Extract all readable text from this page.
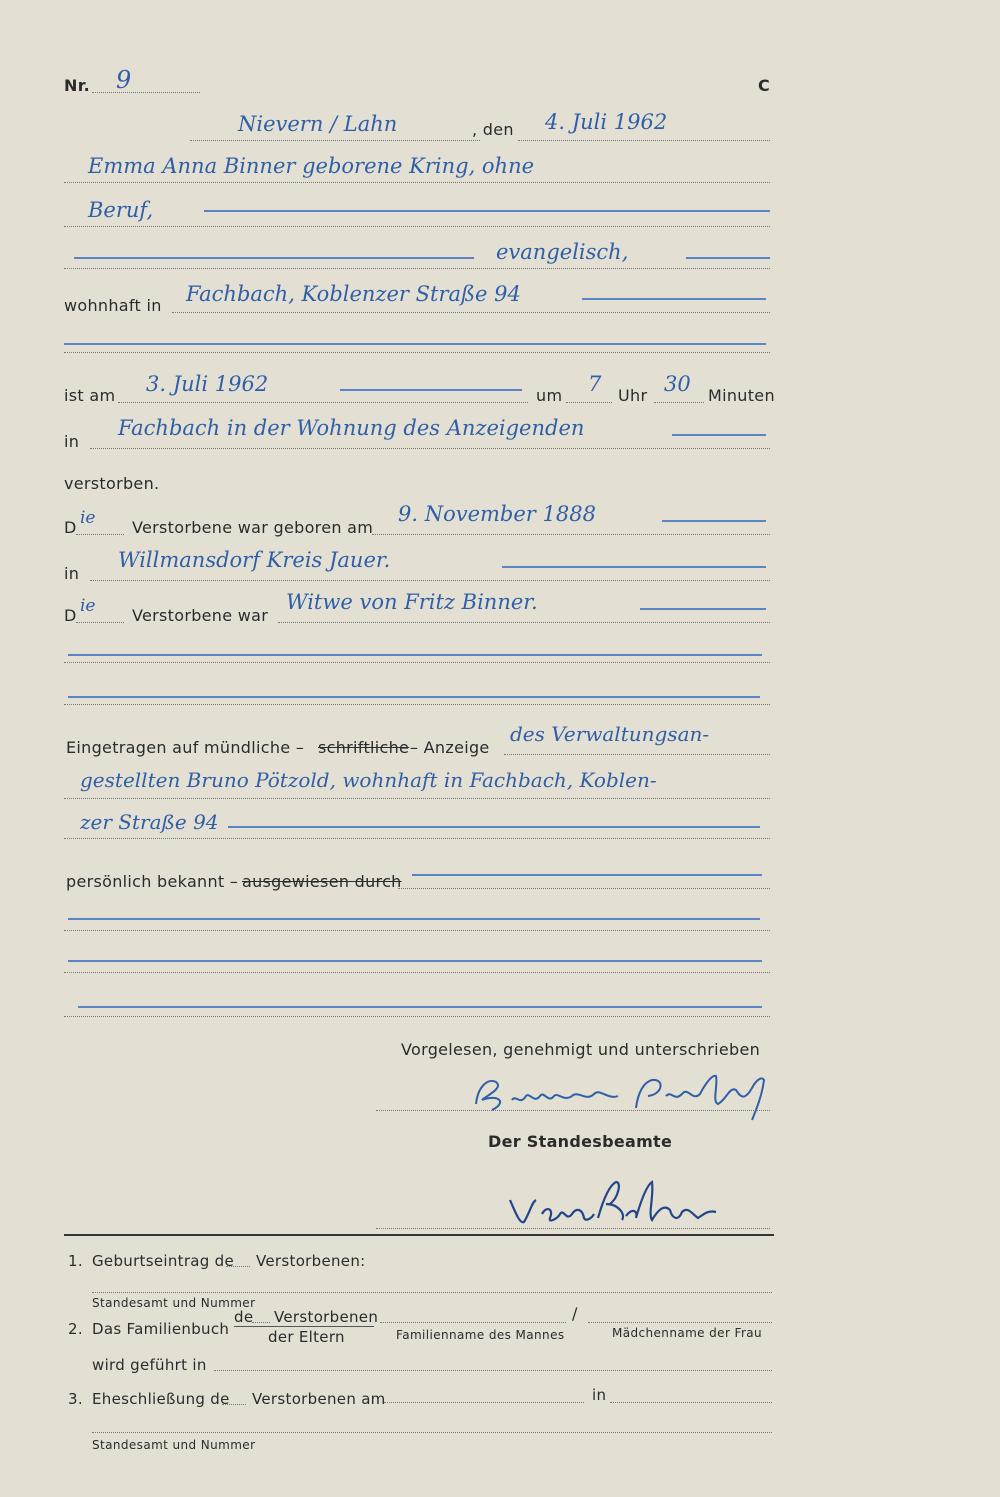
Nr. 9	C
Nievern / Lahn	, den 4. Juli 1962
Emma Anna Binner geborene Kring, ohne
Beruf,
evangelisch,
wohnhaft in Fachbach, Koblenzer Straße 94
ist am 3. Juli 1962	um 7 Uhr 30 Minuten
in
Fachbach in der Wohnung des Anzeigenden
verstorben.
D ie Verstorbene war geboren am
9. November 1888
in
Willmansdorf Kreis Jauer.
D ie Verstorbene war
Witwe von Fritz Binner.
Eingetragen auf mündliche – schriftliche – Anzeige
des Verwaltungsan-
gestellten Bruno Pötzold, wohnhaft in Fachbach, Koblen-
zer Straße 94
persönlich bekannt – ausgewiesen durch
Vorgelesen, genehmigt und unterschrieben
Der Standesbeamte
1. Geburtseintrag de Verstorbenen:
Standesamt und Nummer
2. Das Familienbuch
de Verstorbenen
der Eltern
/
Familienname des Mannes	Mädchenname der Frau
wird geführt in
3. Eheschließung de Verstorbenen am	in
Standesamt und Nummer
